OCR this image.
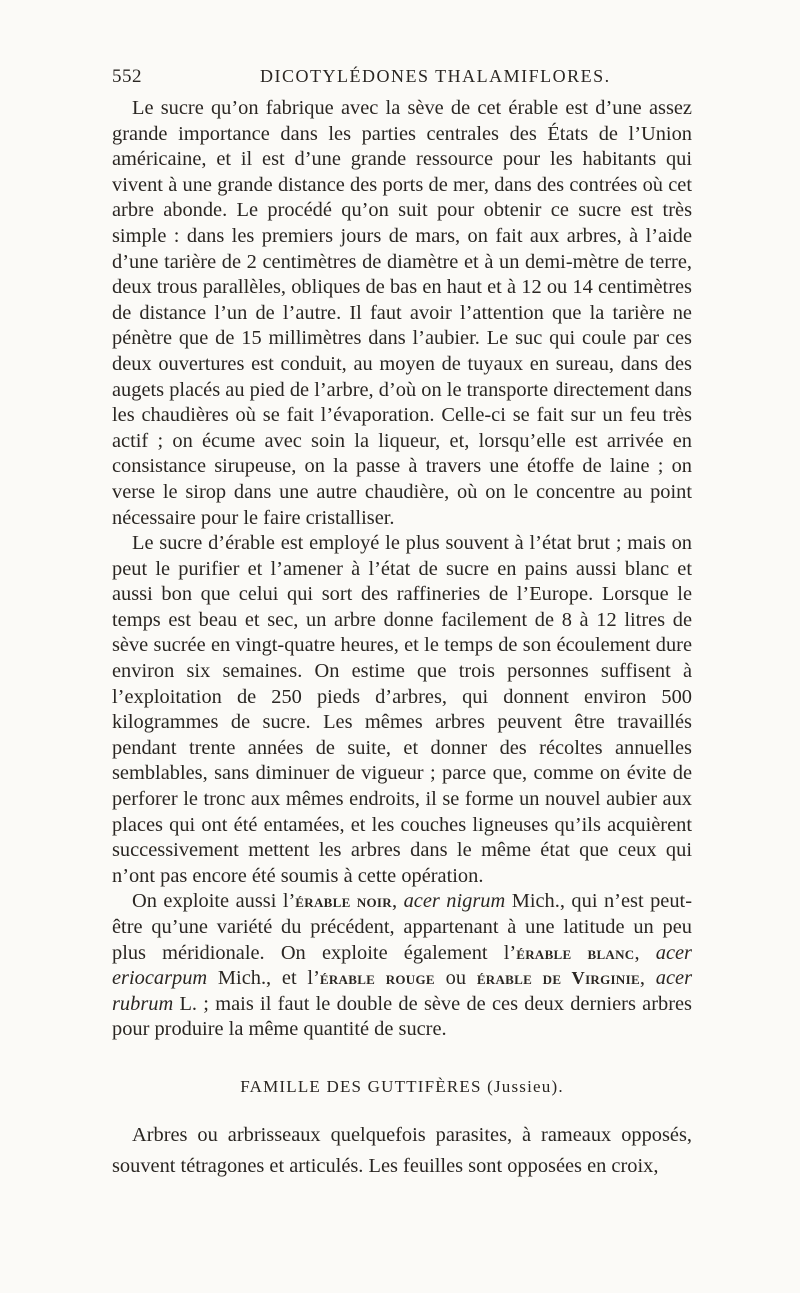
552	DICOTYLÉDONES THALAMIFLORES.

Le sucre qu’on fabrique avec la sève de cet érable est d’une assez grande importance dans les parties centrales des États de l’Union américaine, et il est d’une grande ressource pour les habitants qui vivent à une grande distance des ports de mer, dans des contrées où cet arbre abonde. Le procédé qu’on suit pour obtenir ce sucre est très simple : dans les premiers jours de mars, on fait aux arbres, à l’aide d’une tarière de 2 centimètres de diamètre et à un demi-mètre de terre, deux trous parallèles, obliques de bas en haut et à 12 ou 14 centimètres de distance l’un de l’autre. Il faut avoir l’attention que la tarière ne pénètre que de 15 millimètres dans l’aubier. Le suc qui coule par ces deux ouvertures est conduit, au moyen de tuyaux en sureau, dans des augets placés au pied de l’arbre, d’où on le transporte directement dans les chaudières où se fait l’évaporation. Celle-ci se fait sur un feu très actif ; on écume avec soin la liqueur, et, lorsqu’elle est arrivée en consistance sirupeuse, on la passe à travers une étoffe de laine ; on verse le sirop dans une autre chaudière, où on le concentre au point nécessaire pour le faire cristalliser.

Le sucre d’érable est employé le plus souvent à l’état brut ; mais on peut le purifier et l’amener à l’état de sucre en pains aussi blanc et aussi bon que celui qui sort des raffineries de l’Europe. Lorsque le temps est beau et sec, un arbre donne facilement de 8 à 12 litres de sève sucrée en vingt-quatre heures, et le temps de son écoulement dure environ six semaines. On estime que trois personnes suffisent à l’exploitation de 250 pieds d’arbres, qui donnent environ 500 kilogrammes de sucre. Les mêmes arbres peuvent être travaillés pendant trente années de suite, et donner des récoltes annuelles semblables, sans diminuer de vigueur ; parce que, comme on évite de perforer le tronc aux mêmes endroits, il se forme un nouvel aubier aux places qui ont été entamées, et les couches ligneuses qu’ils acquièrent successivement mettent les arbres dans le même état que ceux qui n’ont pas encore été soumis à cette opération.

On exploite aussi l’érable noir, acer nigrum Mich., qui n’est peut-être qu’une variété du précédent, appartenant à une latitude un peu plus méridionale. On exploite également l’érable blanc, acer eriocarpum Mich., et l’érable rouge ou érable de Virginie, acer rubrum L. ; mais il faut le double de sève de ces deux derniers arbres pour produire la même quantité de sucre.

FAMILLE DES GUTTIFÈRES (Jussieu).

Arbres ou arbrisseaux quelquefois parasites, à rameaux opposés, souvent tétragones et articulés. Les feuilles sont opposées en croix,
